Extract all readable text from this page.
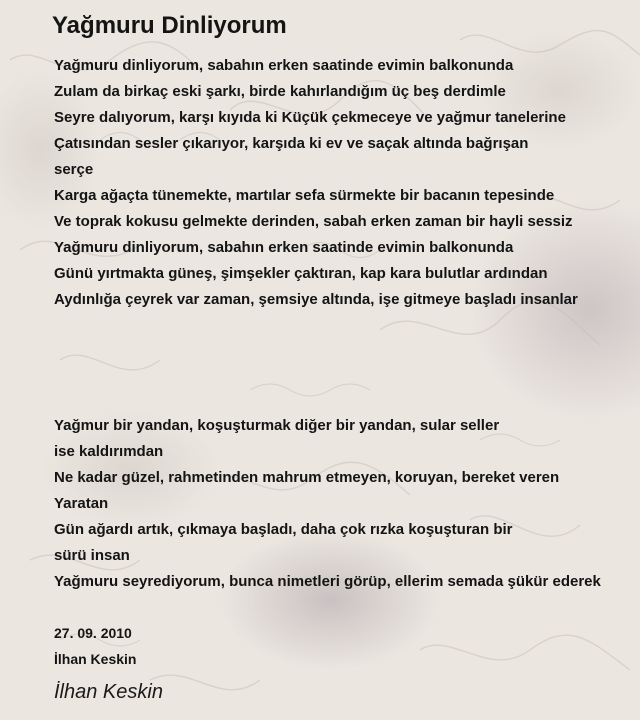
Yağmuru Dinliyorum
Yağmuru dinliyorum, sabahın erken saatinde evimin balkonunda
Zulam da birkaç eski şarkı, birde kahırlandığım üç beş derdimle
Seyre dalıyorum, karşı kıyıda ki Küçük çekmeceye ve yağmur tanelerine
Çatısından sesler çıkarıyor, karşıda ki ev ve saçak altında bağrışan
serçe
Karga ağaçta tünemekte, martılar sefa sürmekte bir bacanın tepesinde
Ve toprak kokusu gelmekte derinden, sabah erken zaman bir hayli sessiz
Yağmuru dinliyorum, sabahın erken saatinde evimin balkonunda
Günü yırtmakta güneş, şimşekler çaktıran, kap kara bulutlar ardından
Aydınlığa çeyrek var zaman, şemsiye altında, işe gitmeye başladı insanlar
Yağmur bir yandan, koşuşturmak diğer bir yandan, sular seller
ise kaldırımdan
Ne kadar güzel, rahmetinden mahrum etmeyen, koruyan, bereket veren
Yaratan
Gün ağardı artık, çıkmaya başladı, daha çok rızka koşuşturan bir
sürü insan
Yağmuru seyrediyorum, bunca nimetleri görüp, ellerim semada şükür ederek
27. 09. 2010
İlhan Keskin
İlhan Keskin
